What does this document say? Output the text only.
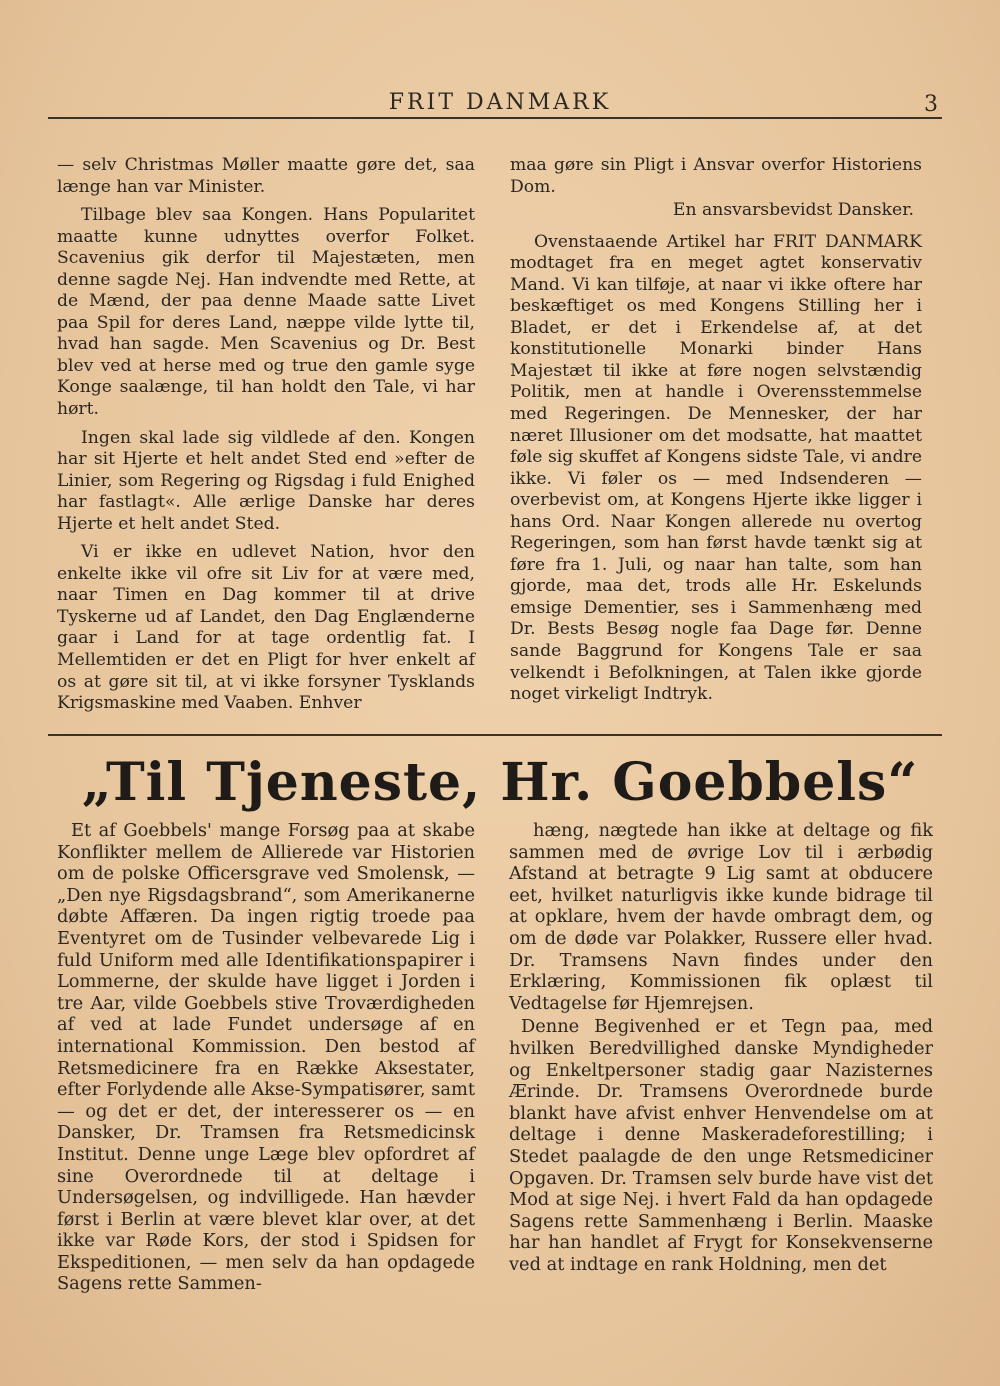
FRIT DANMARK	3

— selv Christmas Møller maatte gøre det, saa længe han var Minister.

Tilbage blev saa Kongen. Hans Popularitet maatte kunne udnyttes overfor Folket. Scavenius gik derfor til Majestæten, men denne sagde Nej. Han indvendte med Rette, at de Mænd, der paa denne Maade satte Livet paa Spil for deres Land, næppe vilde lytte til, hvad han sagde. Men Scavenius og Dr. Best blev ved at herse med og true den gamle syge Konge saalænge, til han holdt den Tale, vi har hørt.

Ingen skal lade sig vildlede af den. Kongen har sit Hjerte et helt andet Sted end »efter de Linier, som Regering og Rigsdag i fuld Enighed har fastlagt«. Alle ærlige Danske har deres Hjerte et helt andet Sted.

Vi er ikke en udlevet Nation, hvor den enkelte ikke vil ofre sit Liv for at være med, naar Timen en Dag kommer til at drive Tyskerne ud af Landet, den Dag Englænderne gaar i Land for at tage ordentlig fat. I Mellemtiden er det en Pligt for hver enkelt af os at gøre sit til, at vi ikke forsyner Tysklands Krigsmaskine med Vaaben. Enhver

maa gøre sin Pligt i Ansvar overfor Historiens Dom.

En ansvarsbevidst Dansker.

Ovenstaaende Artikel har FRIT DANMARK modtaget fra en meget agtet konservativ Mand. Vi kan tilføje, at naar vi ikke oftere har beskæftiget os med Kongens Stilling her i Bladet, er det i Erkendelse af, at det konstitutionelle Monarki binder Hans Majestæt til ikke at føre nogen selvstændig Politik, men at handle i Overensstemmelse med Regeringen. De Mennesker, der har næret Illusioner om det modsatte, hat maattet føle sig skuffet af Kongens sidste Tale, vi andre ikke. Vi føler os — med Indsenderen — overbevist om, at Kongens Hjerte ikke ligger i hans Ord. Naar Kongen allerede nu overtog Regeringen, som han først havde tænkt sig at føre fra 1. Juli, og naar han talte, som han gjorde, maa det, trods alle Hr. Eskelunds emsige Dementier, ses i Sammenhæng med Dr. Bests Besøg nogle faa Dage før. Denne sande Baggrund for Kongens Tale er saa velkendt i Befolkningen, at Talen ikke gjorde noget virkeligt Indtryk.

„Til Tjeneste, Hr. Goebbels“

Et af Goebbels' mange Forsøg paa at skabe Konflikter mellem de Allierede var Historien om de polske Officersgrave ved Smolensk, — „Den nye Rigsdagsbrand“, som Amerikanerne døbte Affæren. Da ingen rigtig troede paa Eventyret om de Tusinder velbevarede Lig i fuld Uniform med alle Identifikationspapirer i Lommerne, der skulde have ligget i Jorden i tre Aar, vilde Goebbels stive Troværdigheden af ved at lade Fundet undersøge af en international Kommission. Den bestod af Retsmedicinere fra en Række Aksestater, efter Forlydende alle Akse-Sympatisører, samt — og det er det, der interesserer os — en Dansker, Dr. Tramsen fra Retsmedicinsk Institut. Denne unge Læge blev opfordret af sine Overordnede til at deltage i Undersøgelsen, og indvilligede. Han hævder først i Berlin at være blevet klar over, at det ikke var Røde Kors, der stod i Spidsen for Ekspeditionen, — men selv da han opdagede Sagens rette Sammen-

hæng, nægtede han ikke at deltage og fik sammen med de øvrige Lov til i ærbødig Afstand at betragte 9 Lig samt at obducere eet, hvilket naturligvis ikke kunde bidrage til at opklare, hvem der havde ombragt dem, og om de døde var Polakker, Russere eller hvad. Dr. Tramsens Navn findes under den Erklæring, Kommissionen fik oplæst til Vedtagelse før Hjemrejsen.

Denne Begivenhed er et Tegn paa, med hvilken Beredvillighed danske Myndigheder og Enkeltpersoner stadig gaar Nazisternes Ærinde. Dr. Tramsens Overordnede burde blankt have afvist enhver Henvendelse om at deltage i denne Maskeradeforestilling; i Stedet paalagde de den unge Retsmediciner Opgaven. Dr. Tramsen selv burde have vist det Mod at sige Nej. i hvert Fald da han opdagede Sagens rette Sammenhæng i Berlin. Maaske har han handlet af Frygt for Konsekvenserne ved at indtage en rank Holdning, men det
